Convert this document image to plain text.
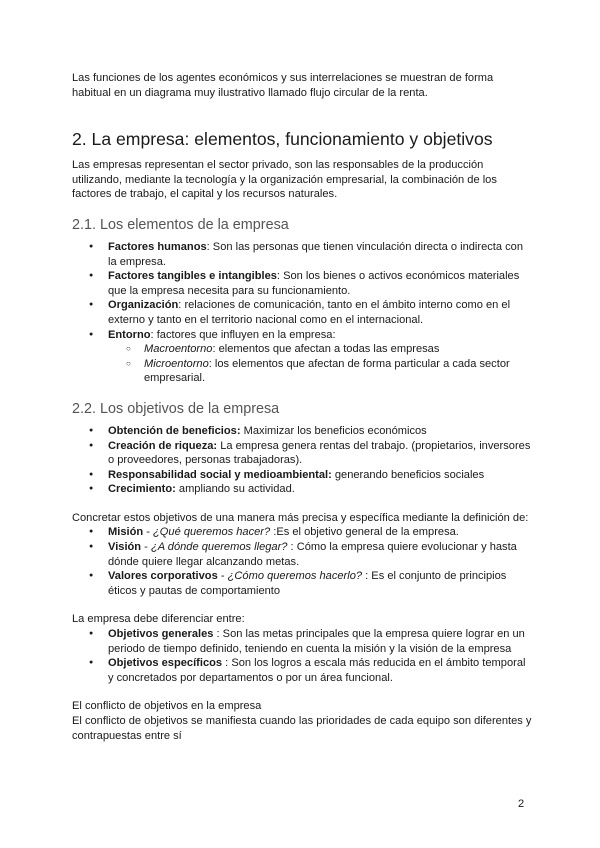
Las funciones de los agentes económicos y sus interrelaciones se muestran de forma habitual en un diagrama muy ilustrativo llamado flujo circular de la renta.

2. La empresa: elementos, funcionamiento y objetivos

Las empresas representan el sector privado, son las responsables de la producción utilizando, mediante la tecnología y la organización empresarial, la combinación de los factores de trabajo, el capital y los recursos naturales.

2.1. Los elementos de la empresa
● Factores humanos: Son las personas que tienen vinculación directa o indirecta con la empresa.
● Factores tangibles e intangibles: Son los bienes o activos económicos materiales que la empresa necesita para su funcionamiento.
● Organización: relaciones de comunicación, tanto en el ámbito interno como en el externo y tanto en el territorio nacional como en el internacional.
● Entorno: factores que influyen en la empresa:
○ Macroentorno: elementos que afectan a todas las empresas
○ Microentorno: los elementos que afectan de forma particular a cada sector empresarial.
2.2. Los objetivos de la empresa
● Obtención de beneficios: Maximizar los beneficios económicos
● Creación de riqueza: La empresa genera rentas del trabajo. (propietarios, inversores o proveedores, personas trabajadoras).
● Responsabilidad social y medioambiental: generando beneficios sociales
● Crecimiento: ampliando su actividad.

Concretar estos objetivos de una manera más precisa y específica mediante la definición de:

● Misión - ¿Qué queremos hacer? :Es el objetivo general de la empresa.
● Visión - ¿A dónde queremos llegar? : Cómo la empresa quiere evolucionar y hasta dónde quiere llegar alcanzando metas.
● Valores corporativos - ¿Cómo queremos hacerlo? : Es el conjunto de principios éticos y pautas de comportamiento

La empresa debe diferenciar entre:

● Objetivos generales : Son las metas principales que la empresa quiere lograr en un periodo de tiempo definido, teniendo en cuenta la misión y la visión de la empresa
● Objetivos específicos : Son los logros a escala más reducida en el ámbito temporal y concretados por departamentos o por un área funcional.

El conflicto de objetivos en la empresa

El conflicto de objetivos se manifiesta cuando las prioridades de cada equipo son diferentes y contrapuestas entre sí

2
